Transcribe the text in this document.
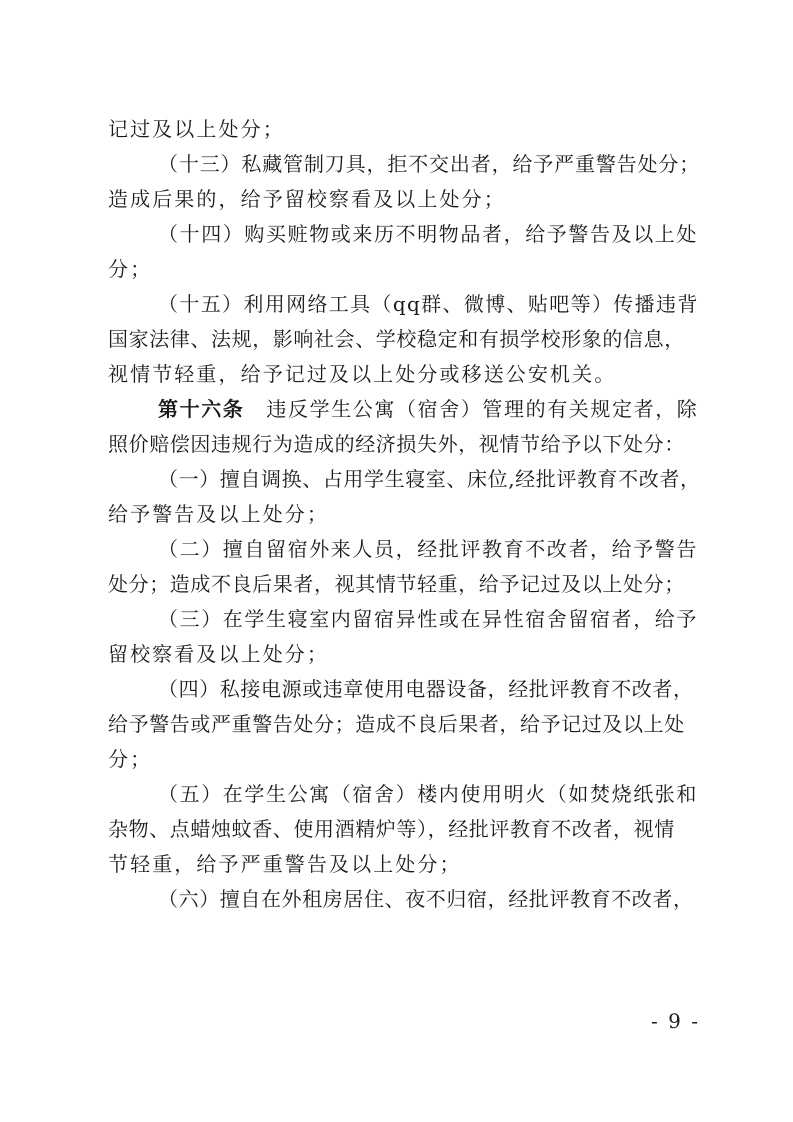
记过及以上处分；
（十三）私藏管制刀具，拒不交出者，给予严重警告处分；
造成后果的，给予留校察看及以上处分；
（十四）购买赃物或来历不明物品者，给予警告及以上处
分；
（十五）利用网络工具（qq群、微博、贴吧等）传播违背
国家法律、法规，影响社会、学校稳定和有损学校形象的信息，
视情节轻重，给予记过及以上处分或移送公安机关。
第十六条 违反学生公寓（宿舍）管理的有关规定者，除
照价赔偿因违规行为造成的经济损失外，视情节给予以下处分：
（一）擅自调换、占用学生寝室、床位,经批评教育不改者，
给予警告及以上处分；
（二）擅自留宿外来人员，经批评教育不改者，给予警告
处分；造成不良后果者，视其情节轻重，给予记过及以上处分；
（三）在学生寝室内留宿异性或在异性宿舍留宿者，给予
留校察看及以上处分；
（四）私接电源或违章使用电器设备，经批评教育不改者，
给予警告或严重警告处分；造成不良后果者，给予记过及以上处
分；
（五）在学生公寓（宿舍）楼内使用明火（如焚烧纸张和
杂物、点蜡烛蚊香、使用酒精炉等），经批评教育不改者，视情
节轻重，给予严重警告及以上处分；
（六）擅自在外租房居住、夜不归宿，经批评教育不改者，
- 9 -
